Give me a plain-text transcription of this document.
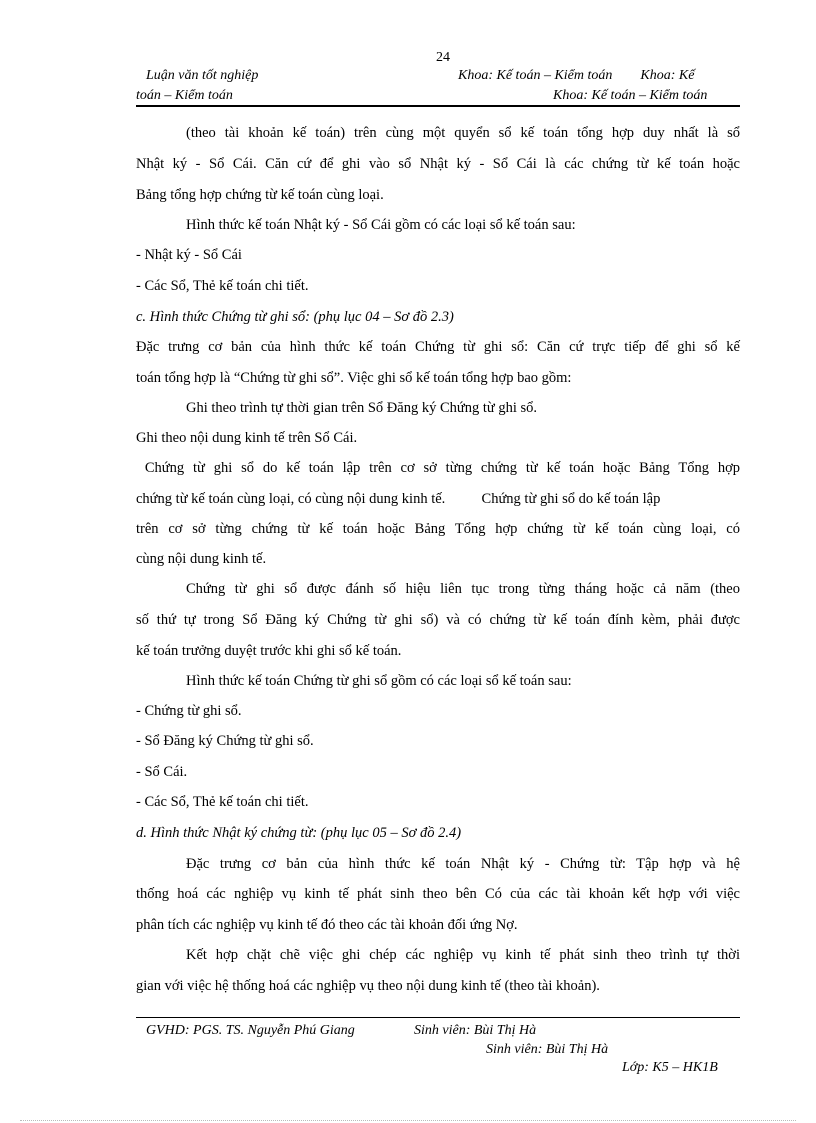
24
Luận văn tốt nghiệp
toán – Kiểm toán
Khoa: Kế toán – Kiểm toán        Khoa: Kế
Khoa: Kế toán – Kiểm toán
(theo tài khoản kế toán) trên cùng một quyển sổ kế toán tổng hợp duy nhất là sổ
Nhật ký - Sổ Cái. Căn cứ để ghi vào sổ Nhật ký - Sổ Cái là các chứng từ kế toán hoặc
Bảng tổng hợp chứng từ kế toán cùng loại.
Hình thức kế toán Nhật ký - Sổ Cái gồm có các loại sổ kế toán sau:
- Nhật ký - Sổ Cái
- Các Sổ, Thẻ kế toán chi tiết.
c. Hình thức Chứng từ ghi sổ: (phụ lục 04 – Sơ đồ 2.3)
Đặc trưng cơ bản của hình thức kế toán Chứng từ ghi sổ: Căn cứ trực tiếp để ghi sổ kế
toán tổng hợp là “Chứng từ ghi sổ”. Việc ghi sổ kế toán tổng hợp bao gồm:
Ghi theo trình tự thời gian trên Sổ Đăng ký Chứng từ ghi sổ.
Ghi theo nội dung kinh tế trên Sổ Cái.
Chứng từ ghi sổ do kế toán lập trên cơ sở từng chứng từ kế toán hoặc Bảng Tổng hợp
chứng từ kế toán cùng loại, có cùng nội dung kinh tế.          Chứng từ ghi sổ do kế toán lập
trên cơ sở từng chứng từ kế toán hoặc Bảng Tổng hợp chứng từ kế toán cùng loại, có
cùng nội dung kinh tế.
Chứng từ ghi sổ được đánh số hiệu liên tục trong từng tháng hoặc cả năm (theo
số thứ tự trong Sổ Đăng ký Chứng từ ghi sổ) và có chứng từ kế toán đính kèm, phải được
kế toán trưởng duyệt trước khi ghi sổ kế toán.
Hình thức kế toán Chứng từ ghi sổ gồm có các loại sổ kế toán sau:
- Chứng từ ghi sổ.
- Sổ Đăng ký Chứng từ ghi sổ.
- Sổ Cái.
- Các Sổ, Thẻ kế toán chi tiết.
d. Hình thức Nhật ký chứng từ: (phụ lục 05 – Sơ đồ 2.4)
Đặc trưng cơ bản của hình thức kế toán Nhật ký - Chứng từ: Tập hợp và hệ
thống hoá các nghiệp vụ kinh tế phát sinh theo bên Có của các tài khoản kết hợp với việc
phân tích các nghiệp vụ kinh tế đó theo các tài khoản đối ứng Nợ.
Kết hợp chặt chẽ việc ghi chép các nghiệp vụ kinh tế phát sinh theo trình tự thời
gian với việc hệ thống hoá các nghiệp vụ theo nội dung kinh tế (theo tài khoản).
GVHD: PGS. TS. Nguyễn Phú Giang	Sinh viên: Bùi Thị Hà
Sinh viên: Bùi Thị Hà
Lớp: K5 – HK1B
